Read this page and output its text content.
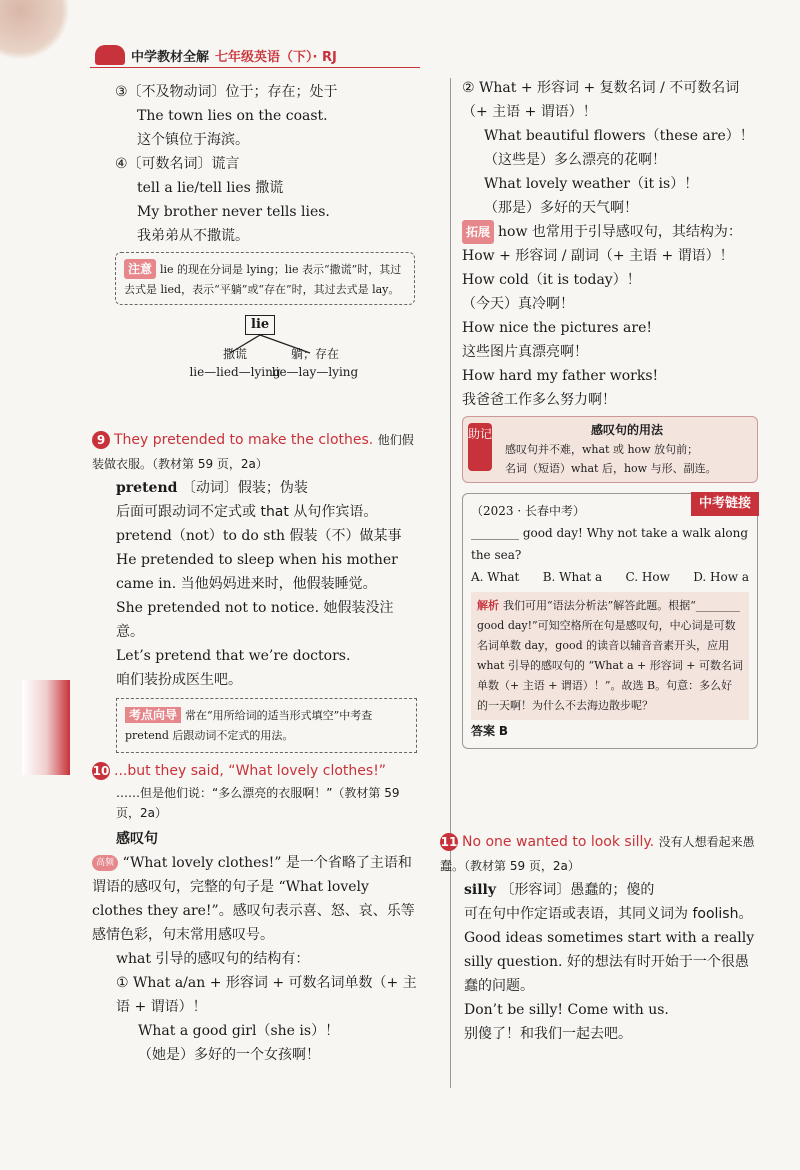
中学教材全解 七年级英语（下）· RJ

③〔不及物动词〕位于；存在；处于

The town lies on the coast.

这个镇位于海滨。

④〔可数名词〕谎言

tell a lie/tell lies 撒谎

My brother never tells lies.

我弟弟从不撒谎。

注意 lie 的现在分词是 lying；lie 表示“撒谎”时，其过去式是 lied，表示“平躺”或“存在”时，其过去式是 lay。
lie
撒谎
lie—lied—lying
躺；存在
lie—lay—lying

9 They pretended to make the clothes. 他们假装做衣服。（教材第 59 页，2a）

pretend 〔动词〕假装；伪装

后面可跟动词不定式或 that 从句作宾语。

pretend（not）to do sth 假装（不）做某事

He pretended to sleep when his mother came in. 当他妈妈进来时，他假装睡觉。

She pretended not to notice. 她假装没注意。

Let’s pretend that we’re doctors.

咱们装扮成医生吧。

考点向导 常在“用所给词的适当形式填空”中考查 pretend 后跟动词不定式的用法。

10 ...but they said, “What lovely clothes!”

……但是他们说：“多么漂亮的衣服啊！”（教材第 59 页，2a）

感叹句

高频 “What lovely clothes!” 是一个省略了主语和谓语的感叹句，完整的句子是 “What lovely clothes they are!”。感叹句表示喜、怒、哀、乐等感情色彩，句末常用感叹号。

what 引导的感叹句的结构有：

① What a/an + 形容词 + 可数名词单数（+ 主语 + 谓语）！

What a good girl（she is）！

（她是）多好的一个女孩啊！

② What + 形容词 + 复数名词 / 不可数名词（+ 主语 + 谓语）！

What beautiful flowers（these are）！

（这些是）多么漂亮的花啊！

What lovely weather（it is）！

（那是）多好的天气啊！

拓展 how 也常用于引导感叹句，其结构为：

How + 形容词 / 副词（+ 主语 + 谓语）！

How cold（it is today）！

（今天）真冷啊！

How nice the pictures are!

这些图片真漂亮啊！

How hard my father works!

我爸爸工作多么努力啊！

助记	感叹句的用法
感叹句并不难，what 或 how 放句前；
名词（短语）what 后，how 与形、副连。
中考链接
（2023 · 长春中考）
________ good day! Why not take a walk along the sea?
A. What B. What a C. How D. How a
解析 我们可用“语法分析法”解答此题。根据“________ good day!”可知空格所在句是感叹句，中心词是可数名词单数 day，good 的读音以辅音音素开头，应用 what 引导的感叹句的 “What a + 形容词 + 可数名词单数（+ 主语 + 谓语）！”。故选 B。句意：多么好的一天啊！为什么不去海边散步呢？
答案 B

11 No one wanted to look silly. 没有人想看起来愚蠢。（教材第 59 页，2a）

silly 〔形容词〕愚蠢的；傻的

可在句中作定语或表语，其同义词为 foolish。

Good ideas sometimes start with a really silly question. 好的想法有时开始于一个很愚蠢的问题。

Don’t be silly! Come with us.

别傻了！和我们一起去吧。
